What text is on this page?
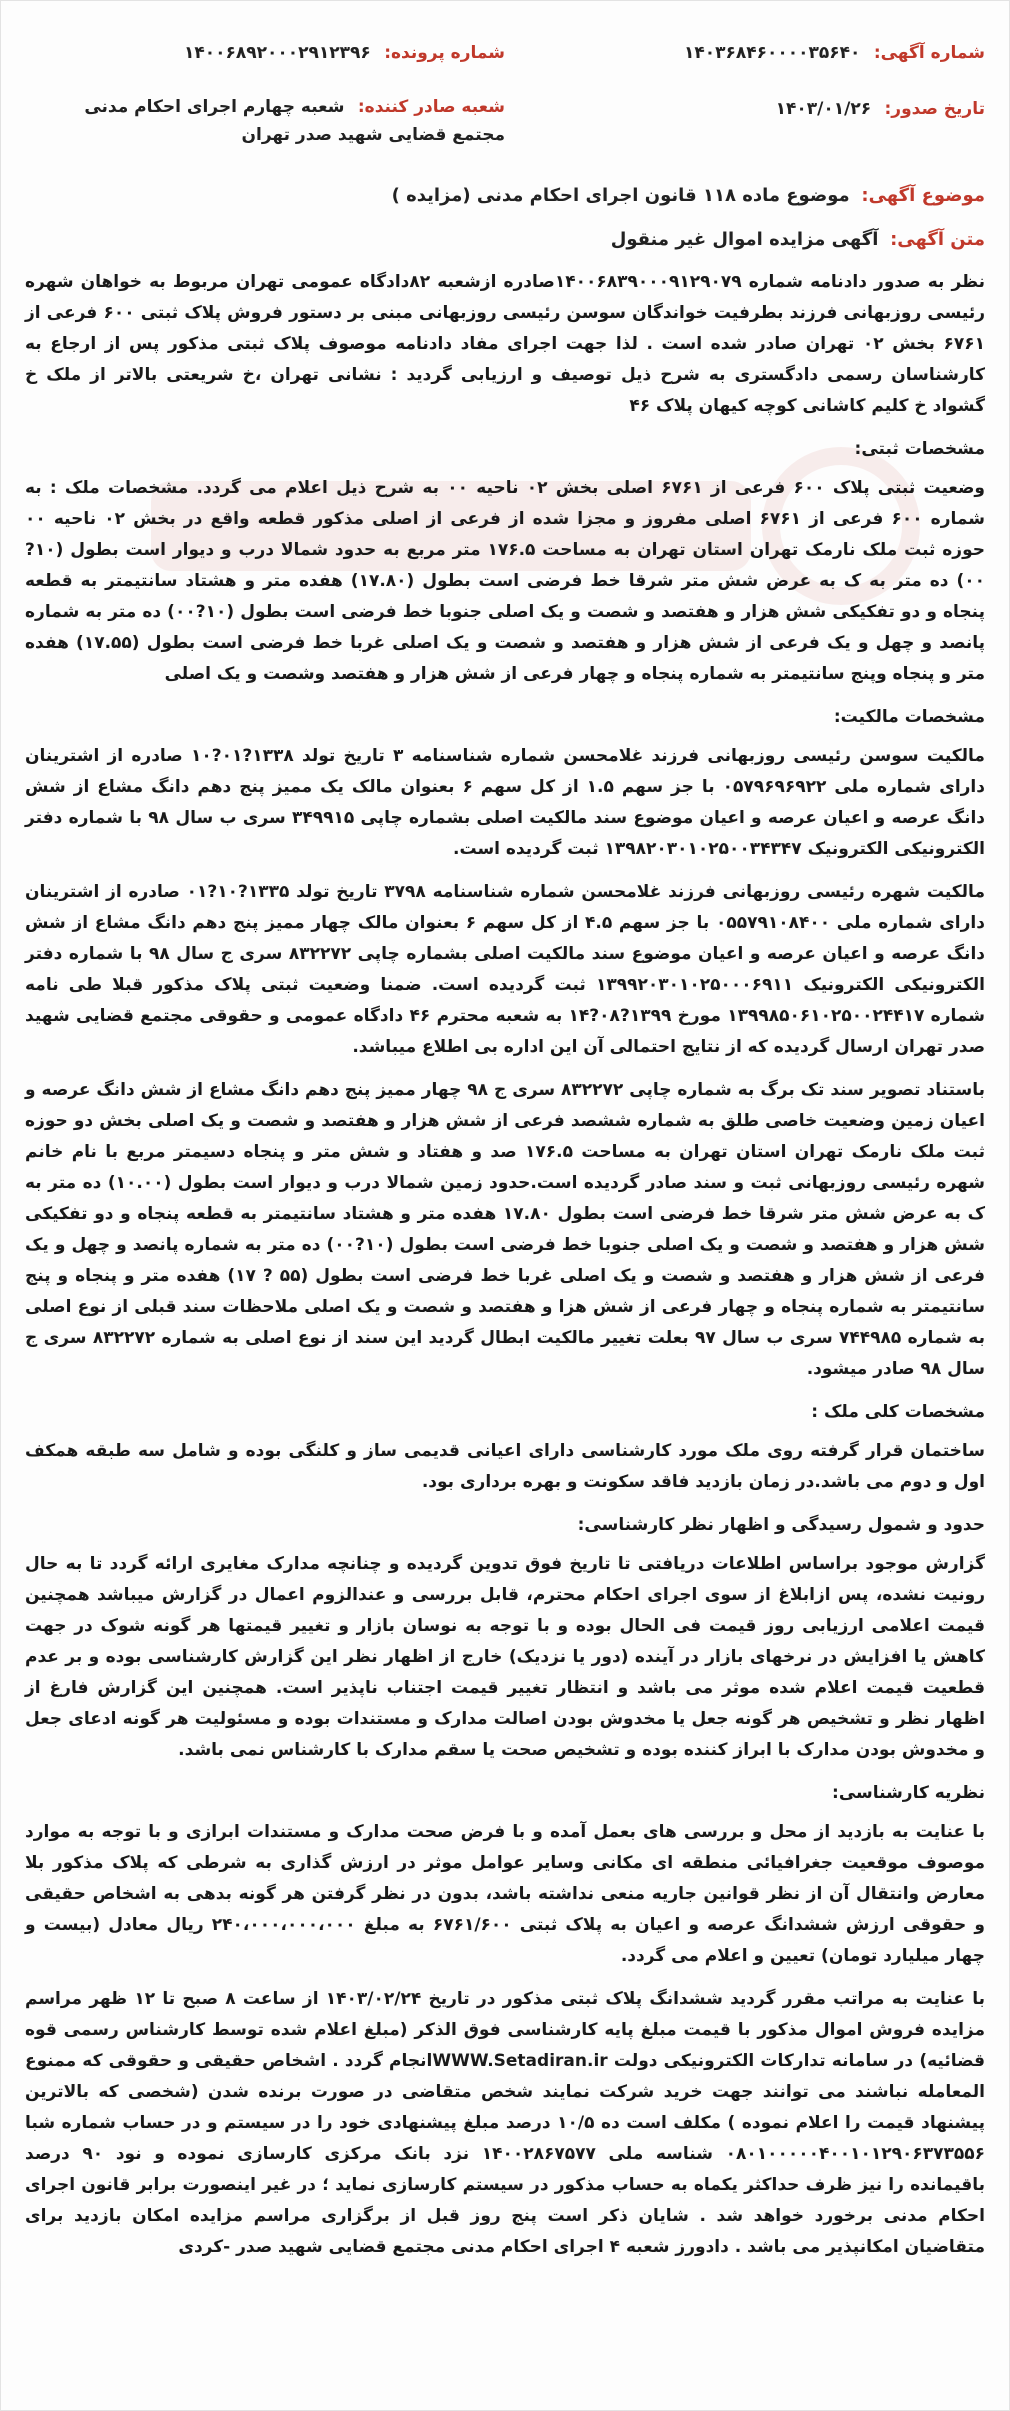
شماره آگهی: ۱۴۰۳۶۸۴۶۰۰۰۰۳۵۶۴۰
شماره پرونده: ۱۴۰۰۶۸۹۲۰۰۰۲۹۱۲۳۹۶
تاریخ صدور: ۱۴۰۳/۰۱/۲۶
شعبه صادر کننده: شعبه چهارم اجرای احکام مدنی مجتمع قضایی شهید صدر تهران
موضوع آگهی: موضوع ماده ۱۱۸ قانون اجرای احکام مدنی (مزایده )
متن آگهی: آگهی مزایده اموال غیر منقول

نظر به صدور دادنامه شماره ۱۴۰۰۶۸۳۹۰۰۰۹۱۲۹۰۷۹صادره ازشعبه ۸۲دادگاه عمومی تهران مربوط به خواهان شهره رئیسی روزبهانی فرزند بطرفیت خواندگان سوسن رئیسی روزبهانی مبنی بر دستور فروش پلاک ثبتی ۶۰۰ فرعی از ۶۷۶۱ بخش ۰۲ تهران صادر شده است . لذا جهت اجرای مفاد دادنامه موصوف پلاک ثبتی مذکور پس از ارجاع به کارشناسان رسمی دادگستری به شرح ذیل توصیف و ارزیابی گردید : نشانی تهران ،خ شریعتی بالاتر از ملک خ گشواد خ کلیم کاشانی کوچه کیهان پلاک ۴۶

مشخصات ثبتی:

وضعیت ثبتی پلاک ۶۰۰ فرعی از ۶۷۶۱ اصلی بخش ۰۲ ناحیه ۰۰ به شرح ذیل اعلام می گردد. مشخصات ملک : به شماره ۶۰۰ فرعی از ۶۷۶۱ اصلی مفروز و مجزا شده از فرعی از اصلی مذکور قطعه واقع در بخش ۰۲ ناحیه ۰۰ حوزه ثبت ملک نارمک تهران استان تهران به مساحت ۱۷۶.۵ متر مربع به حدود شمالا درب و دیوار است بطول (۱۰?۰۰) ده متر به ک به عرض شش متر شرقا خط فرضی است بطول (۱۷.۸۰) هفده متر و هشتاد سانتیمتر به قطعه پنجاه و دو تفکیکی شش هزار و هفتصد و شصت و یک اصلی جنوبا خط فرضی است بطول (۱۰?۰۰) ده متر به شماره پانصد و چهل و یک فرعی از شش هزار و هفتصد و شصت و یک اصلی غربا خط فرضی است بطول (۱۷.۵۵) هفده متر و پنجاه وپنج سانتیمتر به شماره پنجاه و چهار فرعی از شش هزار و هفتصد وشصت و یک اصلی

مشخصات مالکیت:

مالکیت سوسن رئیسی روزبهانی فرزند غلامحسن شماره شناسنامه ۳ تاریخ تولد ۱۳۳۸?۰۱?۱۰ صادره از اشترینان دارای شماره ملی ۰۵۷۹۶۹۶۹۲۲ با جز سهم ۱.۵ از کل سهم ۶ بعنوان مالک یک ممیز پنج دهم دانگ مشاع از شش دانگ عرصه و اعیان عرصه و اعیان موضوع سند مالکیت اصلی بشماره چاپی ۳۴۹۹۱۵ سری ب سال ۹۸ با شماره دفتر الکترونیکی الکترونیک ۱۳۹۸۲۰۳۰۱۰۲۵۰۰۳۴۳۴۷ ثبت گردیده است.

مالکیت شهره رئیسی روزبهانی فرزند غلامحسن شماره شناسنامه ۳۷۹۸ تاریخ تولد ۱۳۳۵?۱۰?۰۱ صادره از اشترینان دارای شماره ملی ۰۵۵۷۹۱۰۸۴۰۰ با جز سهم ۴.۵ از کل سهم ۶ بعنوان مالک چهار ممیز پنج دهم دانگ مشاع از شش دانگ عرصه و اعیان عرصه و اعیان موضوع سند مالکیت اصلی بشماره چاپی ۸۳۲۲۷۲ سری ج سال ۹۸ با شماره دفتر الکترونیکی الکترونیک ۱۳۹۹۲۰۳۰۱۰۲۵۰۰۰۶۹۱۱ ثبت گردیده است. ضمنا وضعیت ثبتی پلاک مذکور قبلا طی نامه شماره ۱۳۹۹۸۵۰۶۱۰۲۵۰۰۲۴۴۱۷ مورخ ۱۳۹۹?۰۸?۱۴ به شعبه محترم ۴۶ دادگاه عمومی و حقوقی مجتمع قضایی شهید صدر تهران ارسال گردیده که از نتایج احتمالی آن این اداره بی اطلاع میباشد.

باستناد تصویر سند تک برگ به شماره چاپی ۸۳۲۲۷۲ سری ج ۹۸ چهار ممیز پنج دهم دانگ مشاع از شش دانگ عرصه و اعیان زمین وضعیت خاصی طلق به شماره ششصد فرعی از شش هزار و هفتصد و شصت و یک اصلی بخش دو حوزه ثبت ملک نارمک تهران استان تهران به مساحت ۱۷۶.۵ صد و هفتاد و شش متر و پنجاه دسیمتر مربع با نام خانم شهره رئیسی روزبهانی ثبت و سند صادر گردیده است.حدود زمین شمالا درب و دیوار است بطول (۱۰.۰۰) ده متر به ک به عرض شش متر شرقا خط فرضی است بطول ۱۷.۸۰ هفده متر و هشتاد سانتیمتر به قطعه پنجاه و دو تفکیکی شش هزار و هفتصد و شصت و یک اصلی جنوبا خط فرضی است بطول (۱۰?۰۰) ده متر به شماره پانصد و چهل و یک فرعی از شش هزار و هفتصد و شصت و یک اصلی غربا خط فرضی است بطول (۵۵ ? ۱۷) هفده متر و پنجاه و پنج سانتیمتر به شماره پنجاه و چهار فرعی از شش هزا و هفتصد و شصت و یک اصلی ملاحظات سند قبلی از نوع اصلی به شماره ۷۴۴۹۸۵ سری ب سال ۹۷ بعلت تغییر مالکیت ابطال گردید این سند از نوع اصلی به شماره ۸۳۲۲۷۲ سری ج سال ۹۸ صادر میشود.

مشخصات کلی ملک :

ساختمان قرار گرفته روی ملک مورد کارشناسی دارای اعیانی قدیمی ساز و کلنگی بوده و شامل سه طبقه همکف اول و دوم می باشد.در زمان بازدید فاقد سکونت و بهره برداری بود.

حدود و شمول رسیدگی و اظهار نظر کارشناسی:

گزارش موجود براساس اطلاعات دریافتی تا تاریخ فوق تدوین گردیده و چنانچه مدارک مغایری ارائه گردد تا به حال رونیت نشده، پس ازابلاغ از سوی اجرای احکام محترم، قابل بررسی و عندالزوم اعمال در گزارش میباشد همچنین قیمت اعلامی ارزیابی روز قیمت فی الحال بوده و با توجه به نوسان بازار و تغییر قیمتها هر گونه شوک در جهت کاهش یا افزایش در نرخهای بازار در آینده (دور یا نزدیک) خارج از اظهار نظر این گزارش کارشناسی بوده و بر عدم قطعیت قیمت اعلام شده موثر می باشد و انتظار تغییر قیمت اجتناب ناپذیر است. همچنین این گزارش فارغ از اظهار نظر و تشخیص هر گونه جعل یا مخدوش بودن اصالت مدارک و مستندات بوده و مسئولیت هر گونه ادعای جعل و مخدوش بودن مدارک با ابراز کننده بوده و تشخیص صحت یا سقم مدارک با کارشناس نمی باشد.

نظریه کارشناسی:

با عنایت به بازدید از محل و بررسی های بعمل آمده و با فرض صحت مدارک و مستندات ابرازی و با توجه به موارد موصوف موقعیت جغرافیائی منطقه ای مکانی وسایر عوامل موثر در ارزش گذاری به شرطی که پلاک مذکور بلا معارض وانتقال آن از نظر قوانین جاریه منعی نداشته باشد، بدون در نظر گرفتن هر گونه بدهی به اشخاص حقیقی و حقوقی ارزش ششدانگ عرصه و اعیان به پلاک ثبتی ۶۷۶۱/۶۰۰ به مبلغ ۲۴۰،۰۰۰،۰۰۰،۰۰۰ ریال معادل (بیست و چهار میلیارد تومان) تعیین و اعلام می گردد.

با عنایت به مراتب مقرر گردید ششدانگ پلاک ثبتی مذکور در تاریخ ۱۴۰۳/۰۲/۲۴ از ساعت ۸ صبح تا ۱۲ ظهر مراسم مزایده فروش اموال مذکور با قیمت مبلغ پایه کارشناسی فوق الذکر (مبلغ اعلام شده توسط کارشناس رسمی قوه قضائیه) در سامانه تدارکات الکترونیکی دولت WWW.Setadiran.irانجام گردد . اشخاص حقیقی و حقوقی که ممنوع المعامله نباشند می توانند جهت خرید شرکت نمایند شخص متقاضی در صورت برنده شدن (شخصی که بالاترین پیشنهاد قیمت را اعلام نموده ) مکلف است ده ۱۰/۵ درصد مبلغ پیشنهادی خود را در سیستم و در حساب شماره شبا ۰۸۰۱۰۰۰۰۰۴۰۰۱۰۱۲۹۰۶۳۷۳۵۵۶ شناسه ملی ۱۴۰۰۲۸۶۷۵۷۷ نزد بانک مرکزی کارسازی نموده و نود ۹۰ درصد باقیمانده را نیز ظرف حداکثر یکماه به حساب مذکور در سیستم کارسازی نماید ؛ در غیر اینصورت برابر قانون اجرای احکام مدنی برخورد خواهد شد . شایان ذکر است پنج روز قبل از برگزاری مراسم مزایده امکان بازدید برای متقاضیان امکانپذیر می باشد . دادورز شعبه ۴ اجرای احکام مدنی مجتمع قضایی شهید صدر -کردی
